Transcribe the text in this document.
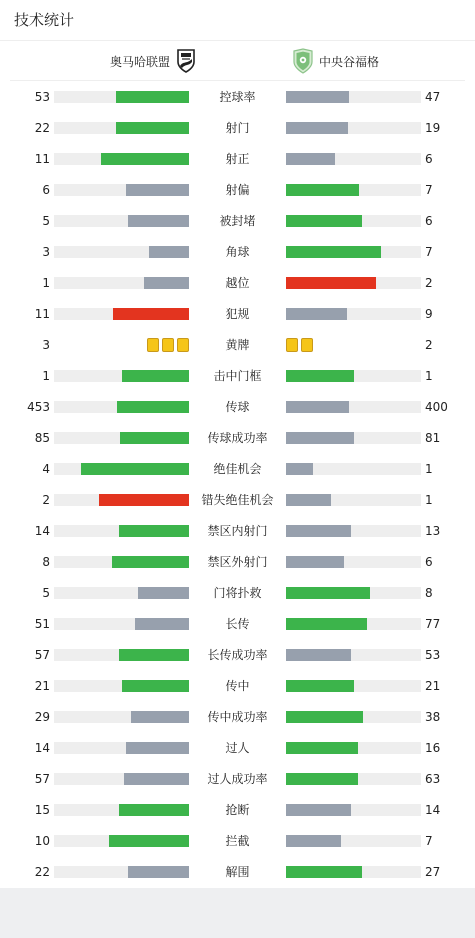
技术统计
奥马哈联盟	中央谷福格
53	控球率	47
22	射门	19
11	射正	6
6	射偏	7
5	被封堵	6
3	角球	7
1	越位	2
11	犯规	9
3	黄牌	2
1	击中门框	1
453	传球	400
85	传球成功率	81
4	绝佳机会	1
2	错失绝佳机会	1
14	禁区内射门	13
8	禁区外射门	6
5	门将扑救	8
51	长传	77
57	长传成功率	53
21	传中	21
29	传中成功率	38
14	过人	16
57	过人成功率	63
15	抢断	14
10	拦截	7
22	解围	27
